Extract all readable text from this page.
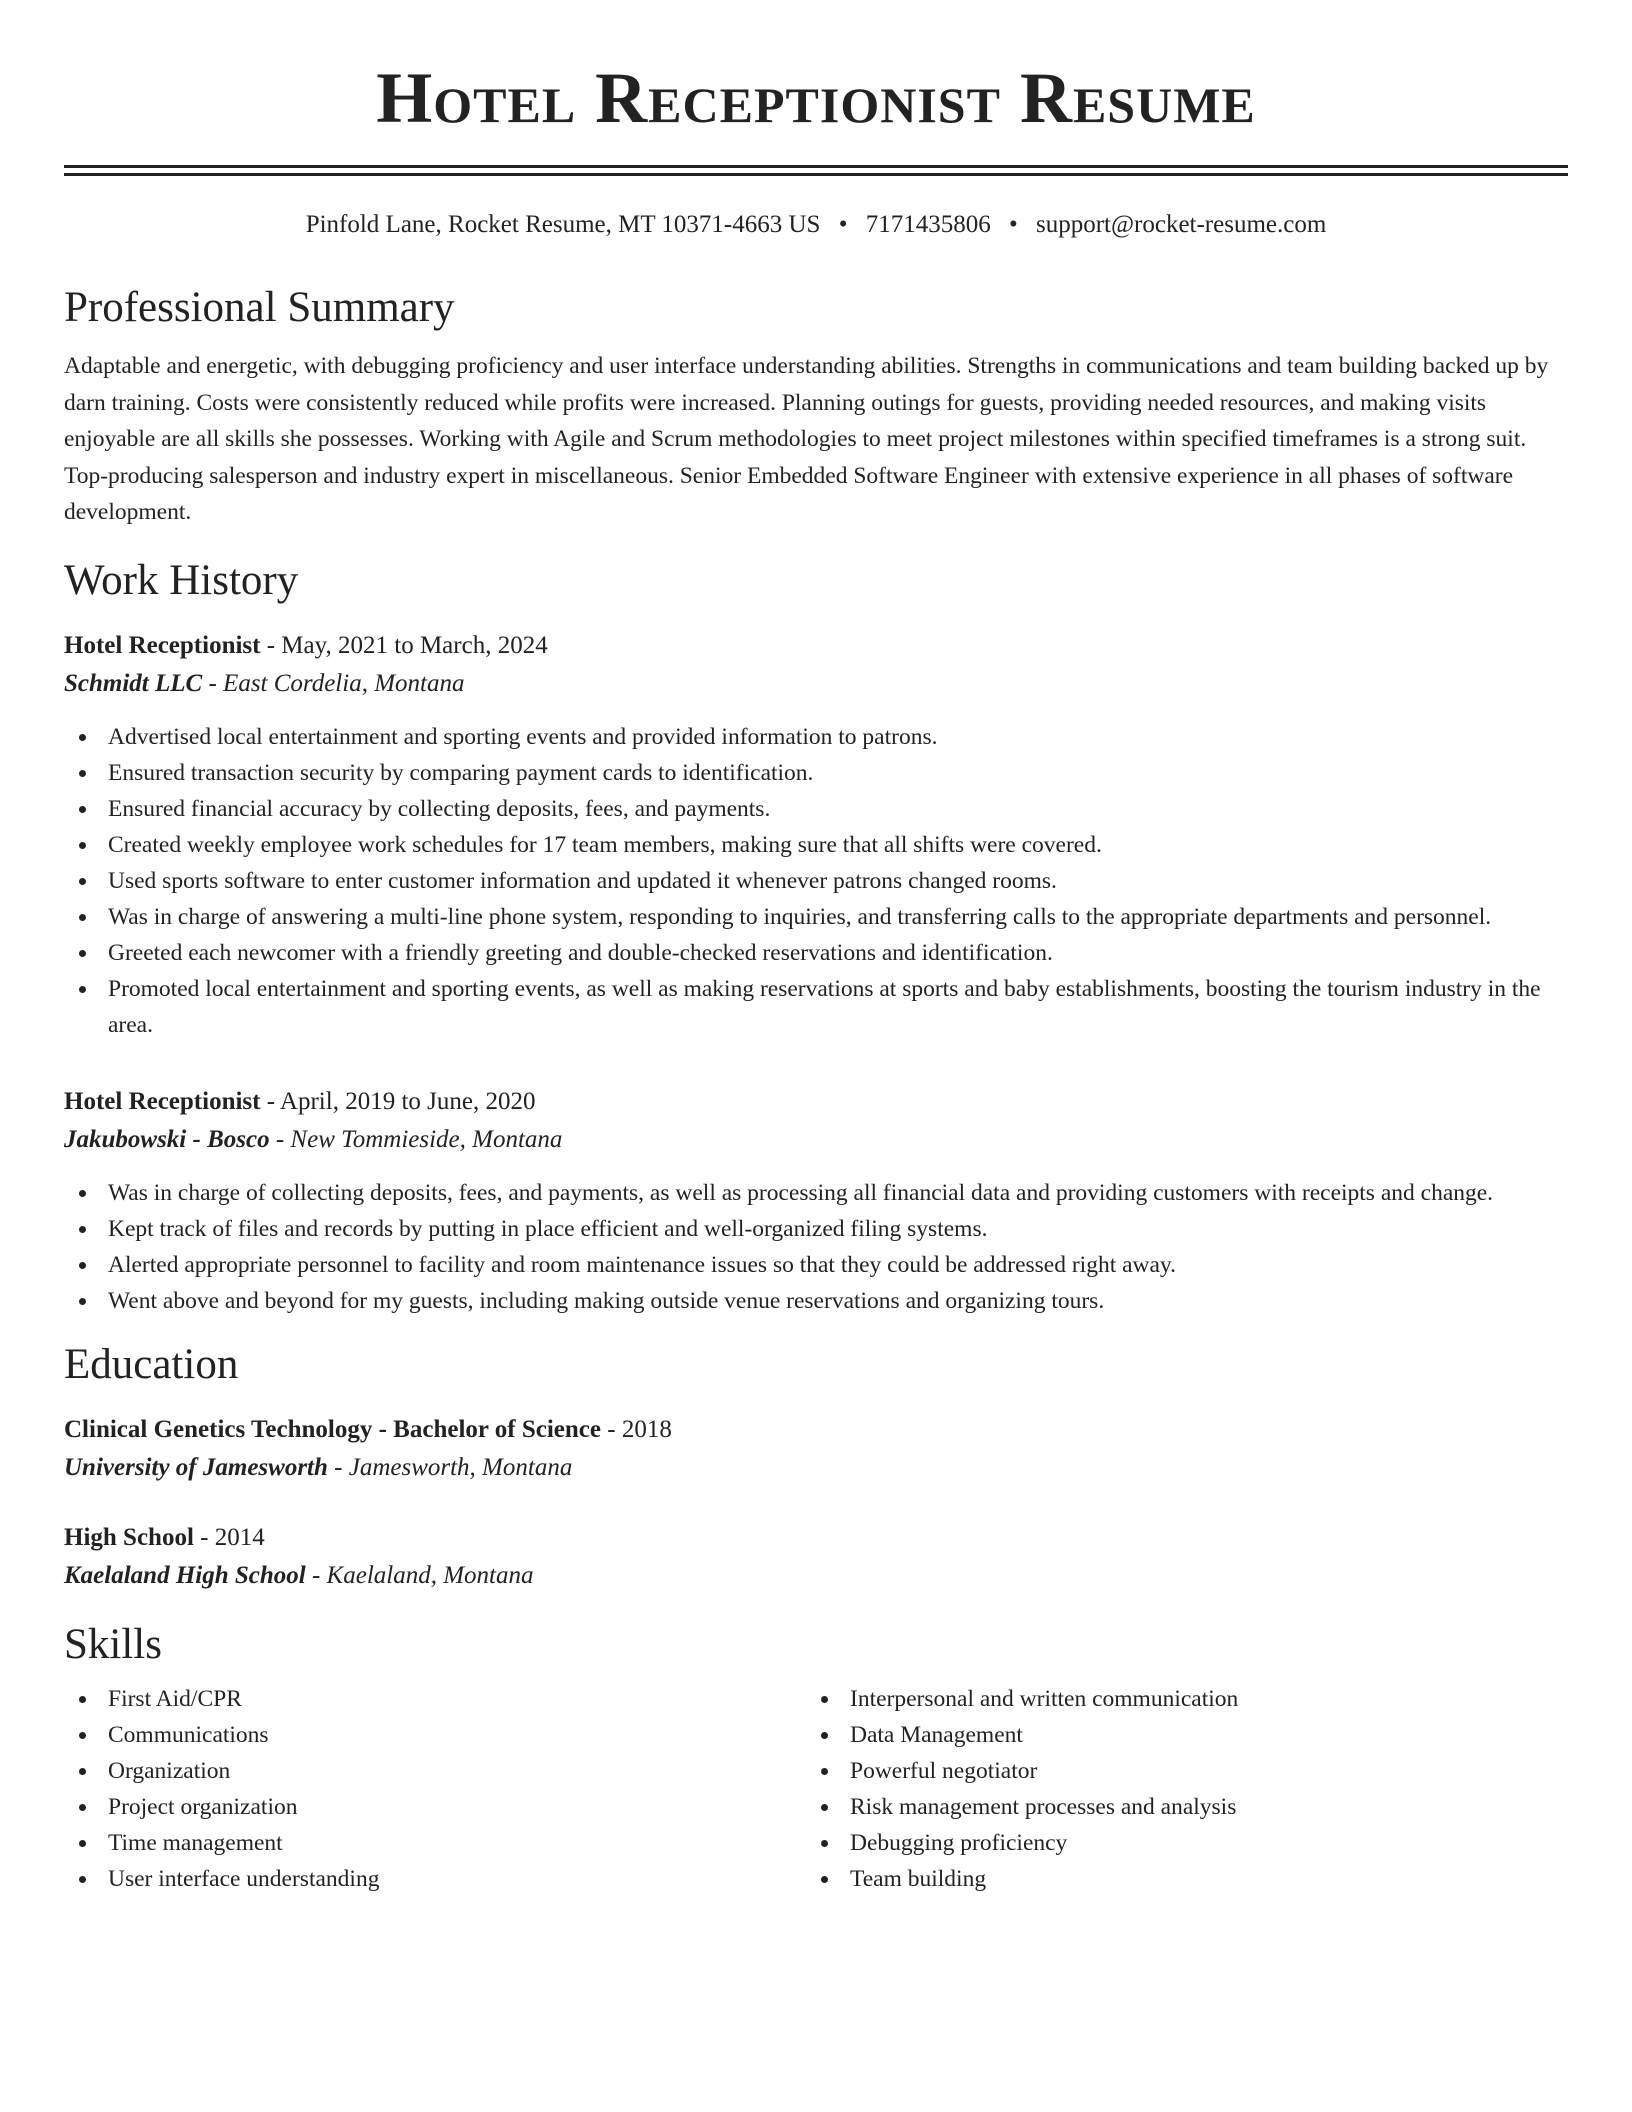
Hotel Receptionist Resume
Pinfold Lane, Rocket Resume, MT 10371-4663 US • 7171435806 • support@rocket-resume.com
Professional Summary
Adaptable and energetic, with debugging proficiency and user interface understanding abilities. Strengths in communications and team building backed up by darn training. Costs were consistently reduced while profits were increased. Planning outings for guests, providing needed resources, and making visits enjoyable are all skills she possesses. Working with Agile and Scrum methodologies to meet project milestones within specified timeframes is a strong suit. Top-producing salesperson and industry expert in miscellaneous. Senior Embedded Software Engineer with extensive experience in all phases of software development.
Work History
Hotel Receptionist - May, 2021 to March, 2024
Schmidt LLC - East Cordelia, Montana
Advertised local entertainment and sporting events and provided information to patrons.
Ensured transaction security by comparing payment cards to identification.
Ensured financial accuracy by collecting deposits, fees, and payments.
Created weekly employee work schedules for 17 team members, making sure that all shifts were covered.
Used sports software to enter customer information and updated it whenever patrons changed rooms.
Was in charge of answering a multi-line phone system, responding to inquiries, and transferring calls to the appropriate departments and personnel.
Greeted each newcomer with a friendly greeting and double-checked reservations and identification.
Promoted local entertainment and sporting events, as well as making reservations at sports and baby establishments, boosting the tourism industry in the area.
Hotel Receptionist - April, 2019 to June, 2020
Jakubowski - Bosco - New Tommieside, Montana
Was in charge of collecting deposits, fees, and payments, as well as processing all financial data and providing customers with receipts and change.
Kept track of files and records by putting in place efficient and well-organized filing systems.
Alerted appropriate personnel to facility and room maintenance issues so that they could be addressed right away.
Went above and beyond for my guests, including making outside venue reservations and organizing tours.
Education
Clinical Genetics Technology - Bachelor of Science - 2018
University of Jamesworth - Jamesworth, Montana
High School - 2014
Kaelaland High School - Kaelaland, Montana
Skills
First Aid/CPR
Communications
Organization
Project organization
Time management
User interface understanding
Interpersonal and written communication
Data Management
Powerful negotiator
Risk management processes and analysis
Debugging proficiency
Team building
